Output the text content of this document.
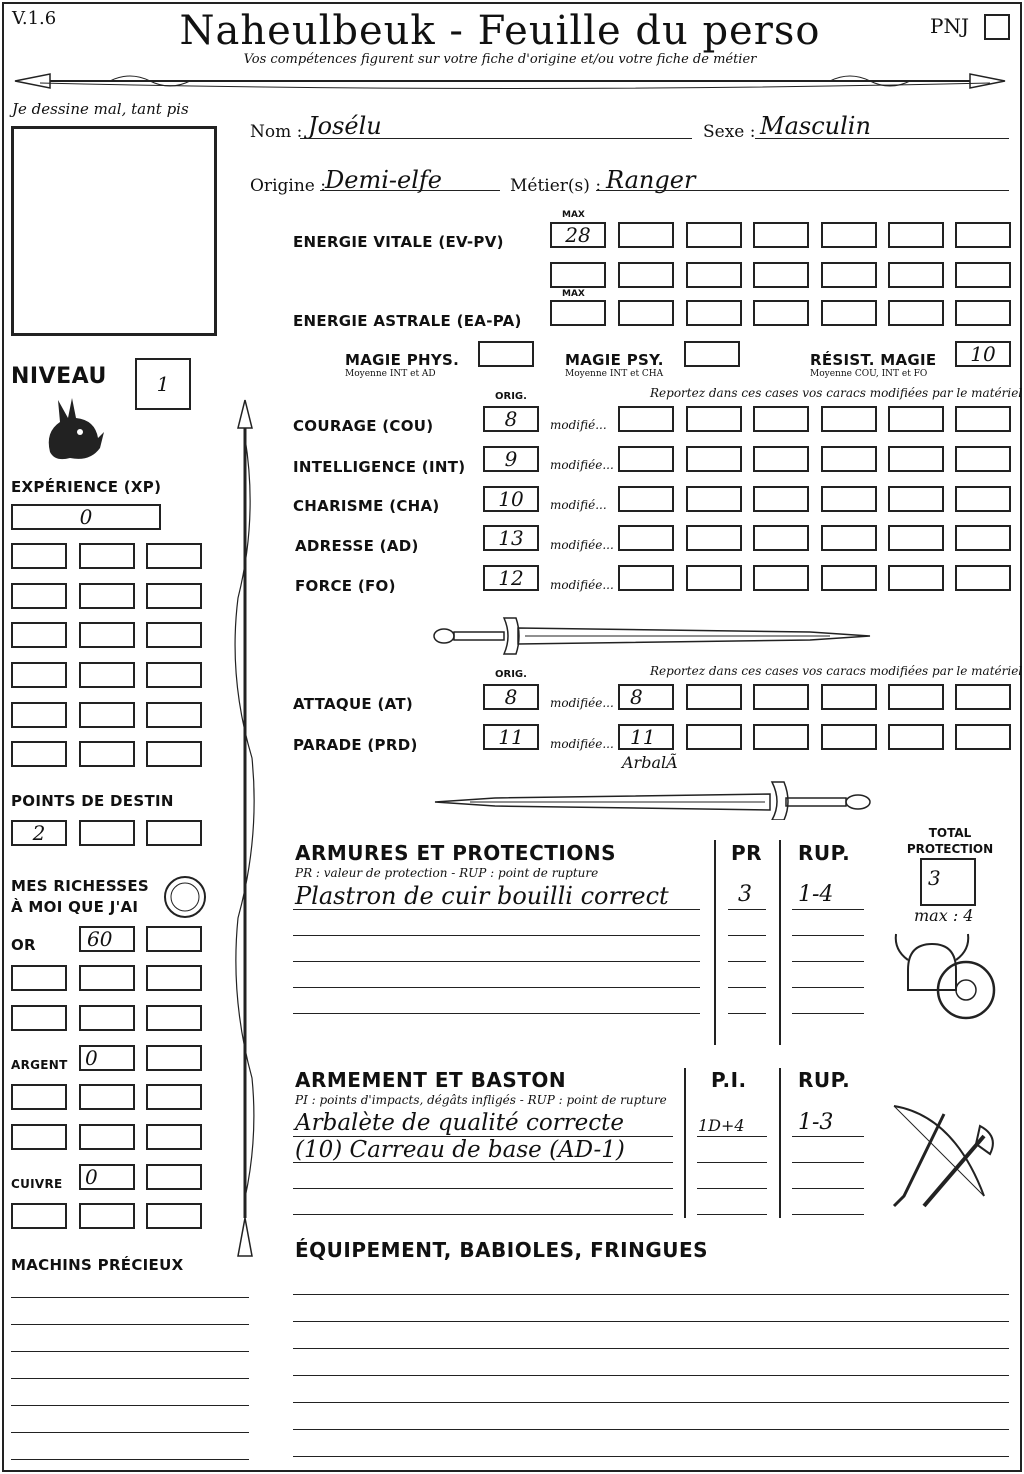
V.1.6	Naheulbeuk - Feuille du perso
Vos compétences figurent sur votre fiche d'origine et/ou votre fiche de métier
PNJ
Je dessine mal, tant pis
Nom : Josélu	Sexe : Masculin
Origine : Demi-elfe	Métier(s) : Ranger
MAX
ENERGIE VITALE (EV-PV)	28
MAX
ENERGIE ASTRALE (EA-PA)
MAGIE PHYS.
Moyenne INT et AD
MAGIE PSY.
Moyenne INT et CHA
RÉSIST. MAGIE
Moyenne COU, INT et FO
10
ORIG.	Reportez dans ces cases vos caracs modifiées par le matériel
COURAGE (COU)	8	modifié...
INTELLIGENCE (INT)	9	modifiée...
CHARISME (CHA)	10	modifié...
ADRESSE (AD)	13	modifiée...
FORCE (FO)	12	modifiée...
ORIG.	Reportez dans ces cases vos caracs modifiées par le matériel
ATTAQUE (AT)	8	modifiée... 8
PARADE (PRD)	11	modifiée... 11
ArbalÃ
NIVEAU	1
EXPÉRIENCE (XP)
0
POINTS DE DESTIN
2
MES RICHESSES
À MOI QUE J'AI
OR	60
ARGENT 0
CUIVRE	0
MACHINS PRÉCIEUX
ARMURES ET PROTECTIONS
PR : valeur de protection - RUP : point de rupture
PR RUP.
Plastron de cuir bouilli correct	3 1-4
TOTAL
PROTECTION
3
max : 4
ARMEMENT ET BASTON
PI : points d'impacts, dégâts infligés - RUP : point de rupture
P.I.	RUP.
Arbalète de qualité correcte	1D+4 1-3
(10) Carreau de base (AD-1)
ÉQUIPEMENT, BABIOLES, FRINGUES
